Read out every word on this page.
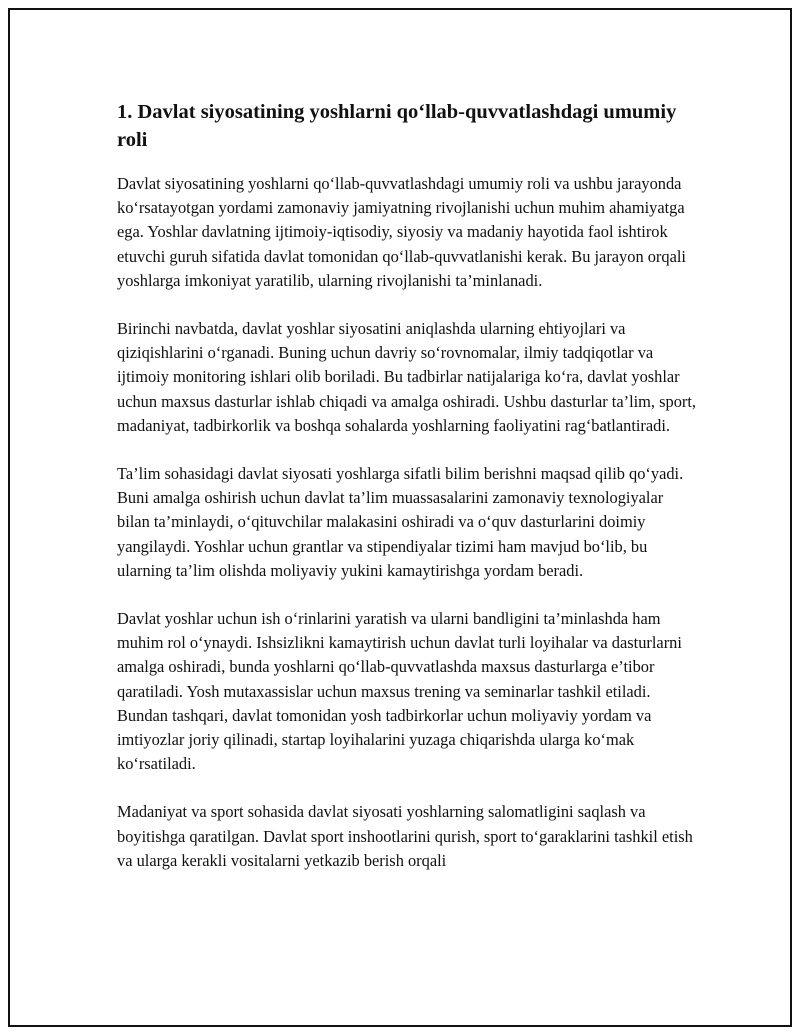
1. Davlat siyosatining yoshlarni qo‘llab-quvvatlashdagi umumiy roli

Davlat siyosatining yoshlarni qo‘llab-quvvatlashdagi umumiy roli va ushbu jarayonda ko‘rsatayotgan yordami zamonaviy jamiyatning rivojlanishi uchun muhim ahamiyatga ega. Yoshlar davlatning ijtimoiy-iqtisodiy, siyosiy va madaniy hayotida faol ishtirok etuvchi guruh sifatida davlat tomonidan qo‘llab-quvvatlanishi kerak. Bu jarayon orqali yoshlarga imkoniyat yaratilib, ularning rivojlanishi ta’minlanadi.

Birinchi navbatda, davlat yoshlar siyosatini aniqlashda ularning ehtiyojlari va qiziqishlarini o‘rganadi. Buning uchun davriy so‘rovnomalar, ilmiy tadqiqotlar va ijtimoiy monitoring ishlari olib boriladi. Bu tadbirlar natijalariga ko‘ra, davlat yoshlar uchun maxsus dasturlar ishlab chiqadi va amalga oshiradi. Ushbu dasturlar ta’lim, sport, madaniyat, tadbirkorlik va boshqa sohalarda yoshlarning faoliyatini rag‘batlantiradi.

Ta’lim sohasidagi davlat siyosati yoshlarga sifatli bilim berishni maqsad qilib qo‘yadi. Buni amalga oshirish uchun davlat ta’lim muassasalarini zamonaviy texnologiyalar bilan ta’minlaydi, o‘qituvchilar malakasini oshiradi va o‘quv dasturlarini doimiy yangilaydi. Yoshlar uchun grantlar va stipendiyalar tizimi ham mavjud bo‘lib, bu ularning ta’lim olishda moliyaviy yukini kamaytirishga yordam beradi.

Davlat yoshlar uchun ish o‘rinlarini yaratish va ularni bandligini ta’minlashda ham muhim rol o‘ynaydi. Ishsizlikni kamaytirish uchun davlat turli loyihalar va dasturlarni amalga oshiradi, bunda yoshlarni qo‘llab-quvvatlashda maxsus dasturlarga e’tibor qaratiladi. Yosh mutaxassislar uchun maxsus trening va seminarlar tashkil etiladi. Bundan tashqari, davlat tomonidan yosh tadbirkorlar uchun moliyaviy yordam va imtiyozlar joriy qilinadi, startap loyihalarini yuzaga chiqarishda ularga ko‘mak ko‘rsatiladi.

Madaniyat va sport sohasida davlat siyosati yoshlarning salomatligini saqlash va boyitishga qaratilgan. Davlat sport inshootlarini qurish, sport to‘garaklarini tashkil etish va ularga kerakli vositalarni yetkazib berish orqali
